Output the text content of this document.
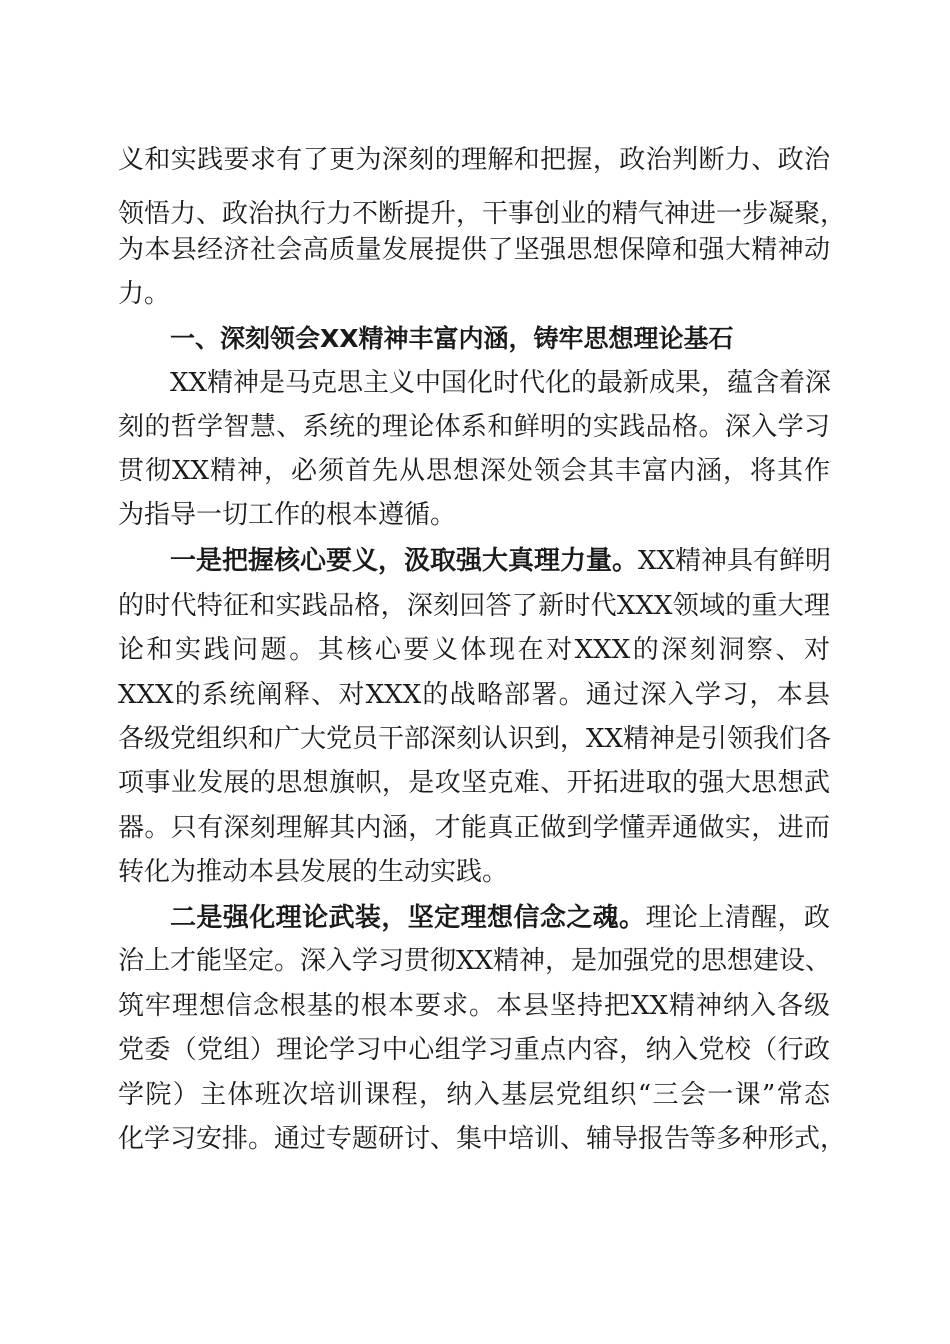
义和实践要求有了更为深刻的理解和把握，政治判断力、政治
领悟力、政治执行力不断提升，干事创业的精气神进一步凝聚，
为本县经济社会高质量发展提供了坚强思想保障和强大精神动
力。
一、深刻领会XX精神丰富内涵，铸牢思想理论基石
XX精神是马克思主义中国化时代化的最新成果，蕴含着深
刻的哲学智慧、系统的理论体系和鲜明的实践品格。深入学习
贯彻XX精神，必须首先从思想深处领会其丰富内涵，将其作
为指导一切工作的根本遵循。
一是把握核心要义，汲取强大真理力量。XX精神具有鲜明
的时代特征和实践品格，深刻回答了新时代XXX领域的重大理
论和实践问题。其核心要义体现在对XXX的深刻洞察、对
XXX的系统阐释、对XXX的战略部署。通过深入学习，本县
各级党组织和广大党员干部深刻认识到，XX精神是引领我们各
项事业发展的思想旗帜，是攻坚克难、开拓进取的强大思想武
器。只有深刻理解其内涵，才能真正做到学懂弄通做实，进而
转化为推动本县发展的生动实践。
二是强化理论武装，坚定理想信念之魂。理论上清醒，政
治上才能坚定。深入学习贯彻XX精神，是加强党的思想建设、
筑牢理想信念根基的根本要求。本县坚持把XX精神纳入各级
党委（党组）理论学习中心组学习重点内容，纳入党校（行政
学院）主体班次培训课程，纳入基层党组织“三会一课”常态
化学习安排。通过专题研讨、集中培训、辅导报告等多种形式，
